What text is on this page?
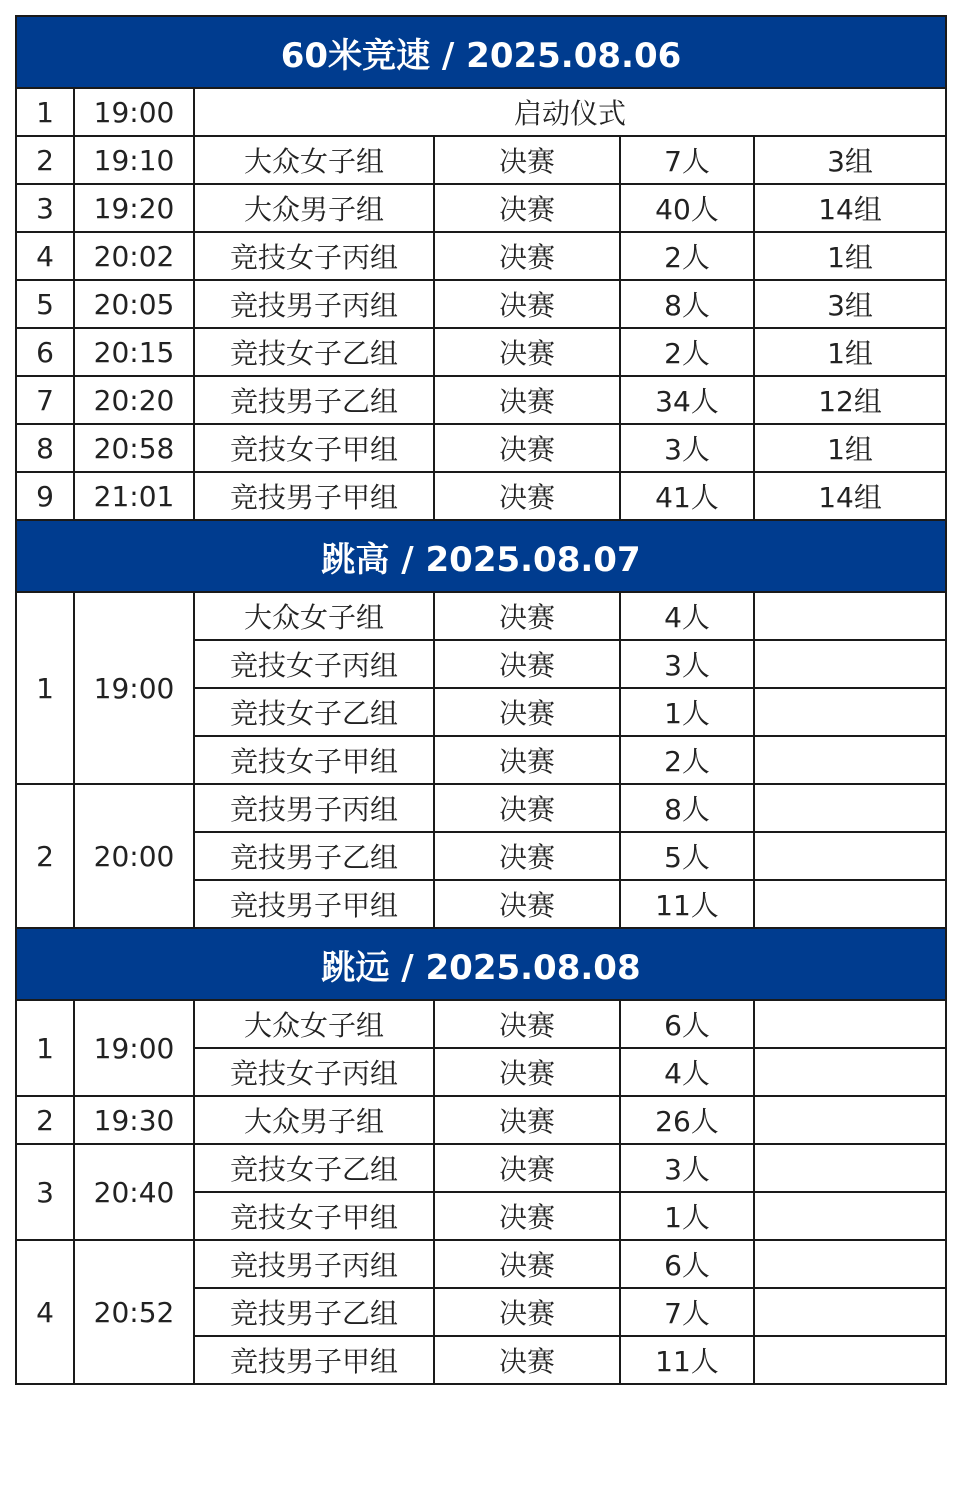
60米竞速 / 2025.08.06					
1	19:00	启动仪式			
2	19:10	大众女子组	决赛	7人	3组
3	19:20	大众男子组	决赛	40人	14组
4	20:02	竞技女子丙组	决赛	2人	1组
5	20:05	竞技男子丙组	决赛	8人	3组
6	20:15	竞技女子乙组	决赛	2人	1组
7	20:20	竞技男子乙组	决赛	34人	12组
8	20:58	竞技女子甲组	决赛	3人	1组
9	21:01	竞技男子甲组	决赛	41人	14组
跳高 / 2025.08.07					
1	19:00	大众女子组	决赛	4人	
		竞技女子丙组	决赛	3人	
		竞技女子乙组	决赛	1人	
		竞技女子甲组	决赛	2人	
2	20:00	竞技男子丙组	决赛	8人	
		竞技男子乙组	决赛	5人	
		竞技男子甲组	决赛	11人	
跳远 / 2025.08.08					
1	19:00	大众女子组	决赛	6人	
		竞技女子丙组	决赛	4人	
2	19:30	大众男子组	决赛	26人	
3	20:40	竞技女子乙组	决赛	3人	
		竞技女子甲组	决赛	1人	
4	20:52	竞技男子丙组	决赛	6人	
		竞技男子乙组	决赛	7人	
		竞技男子甲组	决赛	11人	
